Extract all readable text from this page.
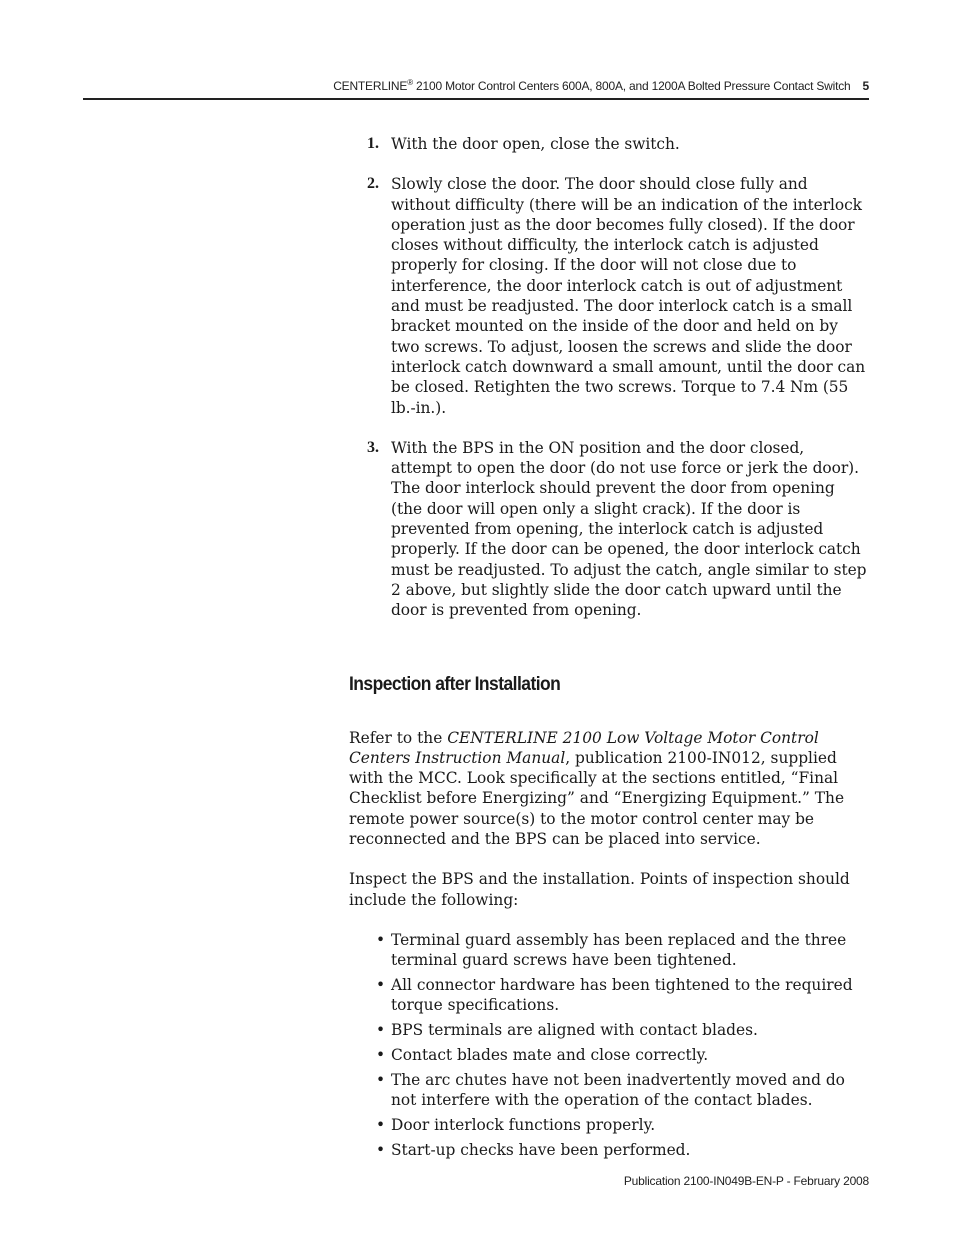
CENTERLINE® 2100 Motor Control Centers 600A, 800A, and 1200A Bolted Pressure Contact Switch 5
1. With the door open, close the switch.
2. Slowly close the door. The door should close fully and without difficulty (there will be an indication of the interlock operation just as the door becomes fully closed). If the door closes without difficulty, the interlock catch is adjusted properly for closing. If the door will not close due to interference, the door interlock catch is out of adjustment and must be readjusted. The door interlock catch is a small bracket mounted on the inside of the door and held on by two screws. To adjust, loosen the screws and slide the door interlock catch downward a small amount, until the door can be closed. Retighten the two screws. Torque to 7.4 Nm (55 lb.-in.).
3. With the BPS in the ON position and the door closed, attempt to open the door (do not use force or jerk the door). The door interlock should prevent the door from opening (the door will open only a slight crack). If the door is prevented from opening, the interlock catch is adjusted properly. If the door can be opened, the door interlock catch must be readjusted. To adjust the catch, angle similar to step 2 above, but slightly slide the door catch upward until the door is prevented from opening.
Inspection after Installation

Refer to the CENTERLINE 2100 Low Voltage Motor Control Centers Instruction Manual, publication 2100-IN012, supplied with the MCC. Look specifically at the sections entitled, “Final Checklist before Energizing” and “Energizing Equipment.” The remote power source(s) to the motor control center may be reconnected and the BPS can be placed into service.

Inspect the BPS and the installation. Points of inspection should include the following:

• Terminal guard assembly has been replaced and the three terminal guard screws have been tightened.
• All connector hardware has been tightened to the required torque specifications.
• BPS terminals are aligned with contact blades.
• Contact blades mate and close correctly.
• The arc chutes have not been inadvertently moved and do not interfere with the operation of the contact blades.
• Door interlock functions properly.
• Start-up checks have been performed.
Publication 2100-IN049B-EN-P - February 2008
